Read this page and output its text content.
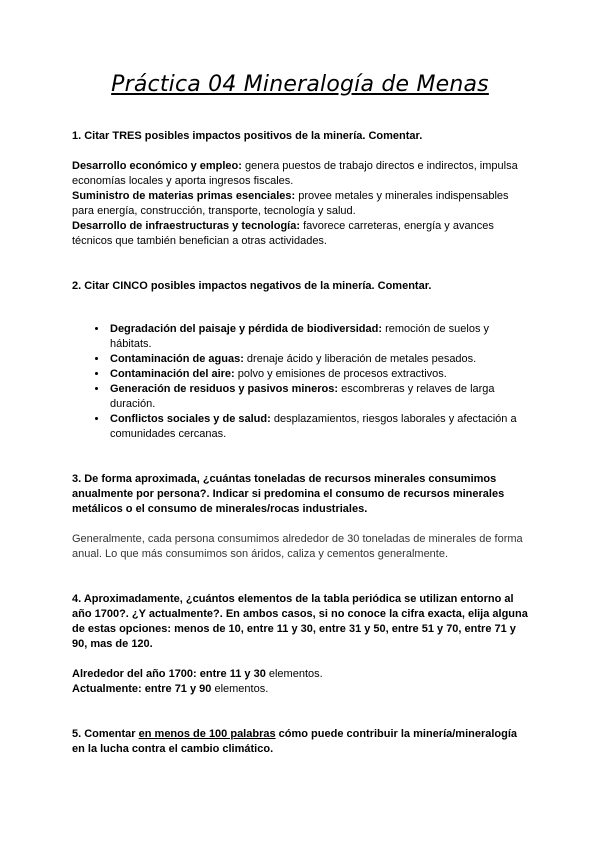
Práctica 04 Mineralogía de Menas

1. Citar TRES posibles impactos positivos de la minería. Comentar.

Desarrollo económico y empleo: genera puestos de trabajo directos e indirectos, impulsa economías locales y aporta ingresos fiscales.

Suministro de materias primas esenciales: provee metales y minerales indispensables para energía, construcción, transporte, tecnología y salud.

Desarrollo de infraestructuras y tecnología: favorece carreteras, energía y avances técnicos que también benefician a otras actividades.

2. Citar CINCO posibles impactos negativos de la minería. Comentar.

• Degradación del paisaje y pérdida de biodiversidad: remoción de suelos y hábitats.
• Contaminación de aguas: drenaje ácido y liberación de metales pesados.
• Contaminación del aire: polvo y emisiones de procesos extractivos.
• Generación de residuos y pasivos mineros: escombreras y relaves de larga duración.
• Conflictos sociales y de salud: desplazamientos, riesgos laborales y afectación a comunidades cercanas.

3. De forma aproximada, ¿cuántas toneladas de recursos minerales consumimos anualmente por persona?. Indicar si predomina el consumo de recursos minerales metálicos o el consumo de minerales/rocas industriales.

Generalmente, cada persona consumimos alrededor de 30 toneladas de minerales de forma anual. Lo que más consumimos son áridos, caliza y cementos generalmente.

4. Aproximadamente, ¿cuántos elementos de la tabla periódica se utilizan entorno al año 1700?. ¿Y actualmente?. En ambos casos, si no conoce la cifra exacta, elija alguna de estas opciones: menos de 10, entre 11 y 30, entre 31 y 50, entre 51 y 70, entre 71 y 90, mas de 120.

Alrededor del año 1700: entre 11 y 30 elementos.

Actualmente: entre 71 y 90 elementos.

5. Comentar en menos de 100 palabras cómo puede contribuir la minería/mineralogía en la lucha contra el cambio climático.
